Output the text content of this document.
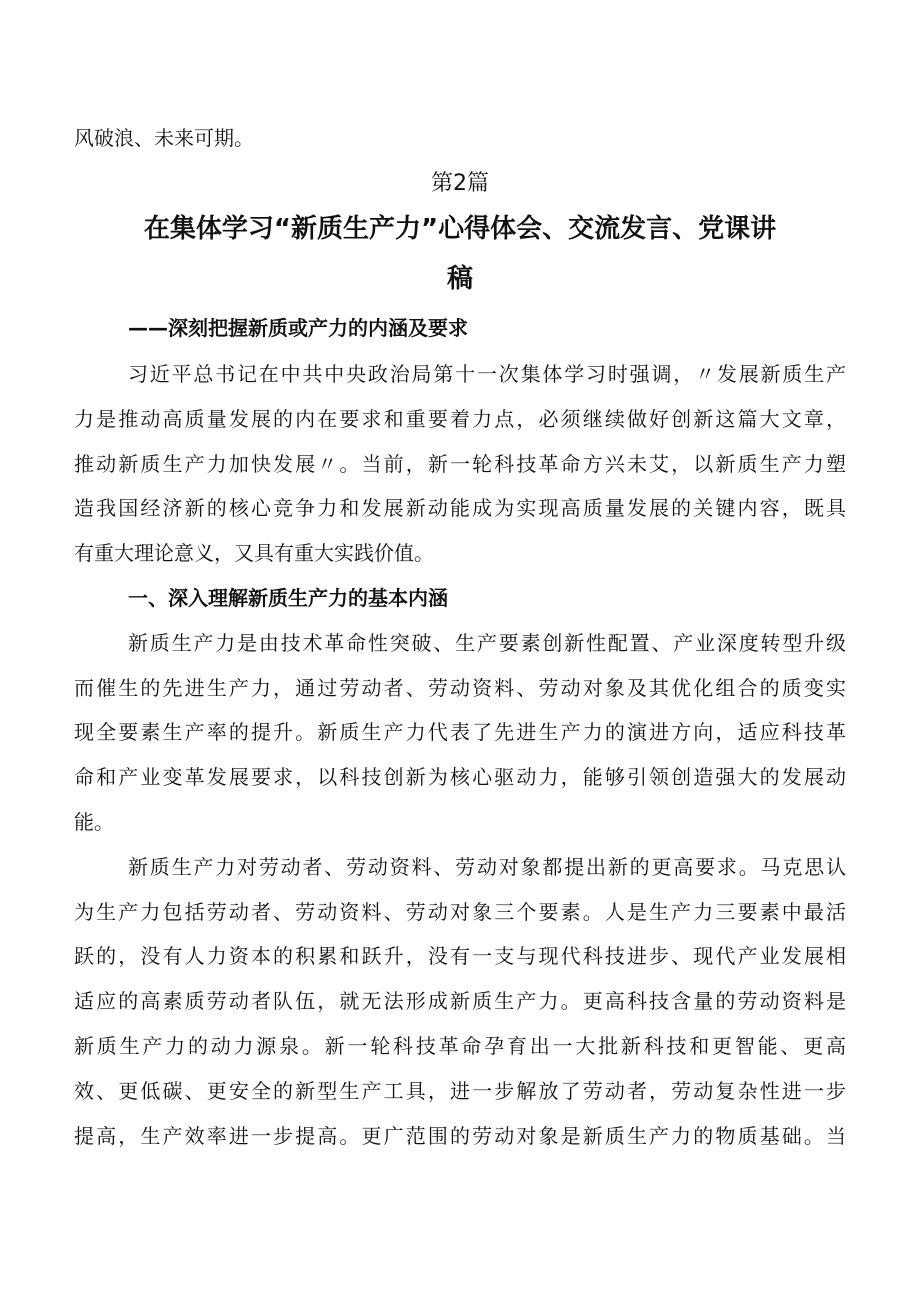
风破浪、未来可期。
第2篇
在集体学习“新质生产力”心得体会、交流发言、党课讲
稿
——深刻把握新质或产力的内涵及要求
习近平总书记在中共中央政治局第十一次集体学习时强调，〃发展新质生产
力是推动高质量发展的内在要求和重要着力点，必须继续做好创新这篇大文章，
推动新质生产力加快发展〃。当前，新一轮科技革命方兴未艾，以新质生产力塑
造我国经济新的核心竞争力和发展新动能成为实现高质量发展的关键内容，既具
有重大理论意义，又具有重大实践价值。
一、深入理解新质生产力的基本内涵
新质生产力是由技术革命性突破、生产要素创新性配置、产业深度转型升级
而催生的先进生产力，通过劳动者、劳动资料、劳动对象及其优化组合的质变实
现全要素生产率的提升。新质生产力代表了先进生产力的演进方向，适应科技革
命和产业变革发展要求，以科技创新为核心驱动力，能够引领创造强大的发展动
能。
新质生产力对劳动者、劳动资料、劳动对象都提出新的更高要求。马克思认
为生产力包括劳动者、劳动资料、劳动对象三个要素。人是生产力三要素中最活
跃的，没有人力资本的积累和跃升，没有一支与现代科技进步、现代产业发展相
适应的高素质劳动者队伍，就无法形成新质生产力。更高科技含量的劳动资料是
新质生产力的动力源泉。新一轮科技革命孕育出一大批新科技和更智能、更高
效、更低碳、更安全的新型生产工具，进一步解放了劳动者，劳动复杂性进一步
提高，生产效率进一步提高。更广范围的劳动对象是新质生产力的物质基础。当
